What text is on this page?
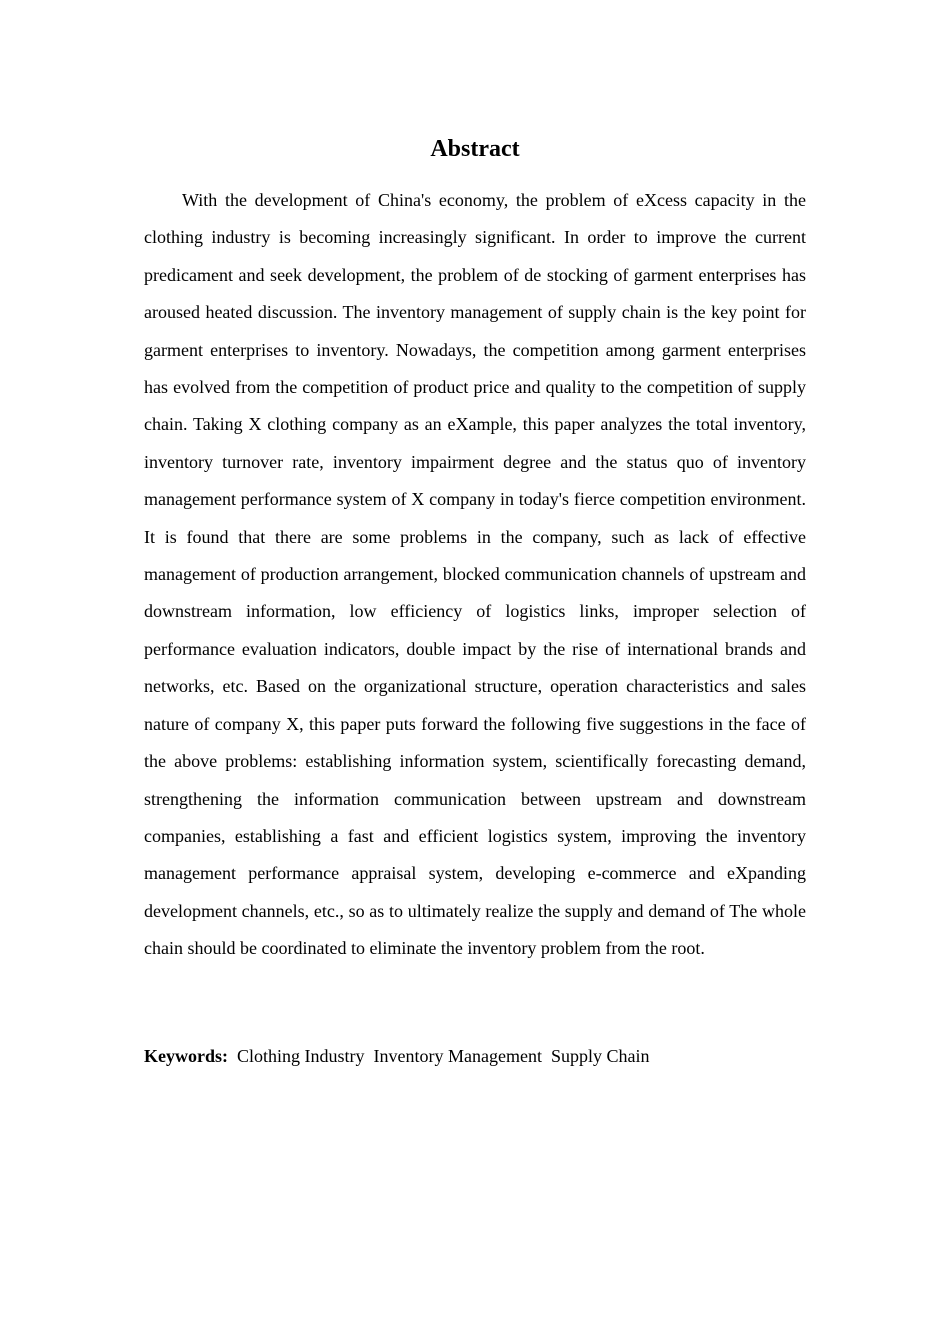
Abstract

With the development of China's economy, the problem of eXcess capacity in the clothing industry is becoming increasingly significant. In order to improve the current predicament and seek development, the problem of de stocking of garment enterprises has aroused heated discussion. The inventory management of supply chain is the key point for garment enterprises to inventory. Nowadays, the competition among garment enterprises has evolved from the competition of product price and quality to the competition of supply chain. Taking X clothing company as an eXample, this paper analyzes the total inventory, inventory turnover rate, inventory impairment degree and the status quo of inventory management performance system of X company in today's fierce competition environment. It is found that there are some problems in the company, such as lack of effective management of production arrangement, blocked communication channels of upstream and downstream information, low efficiency of logistics links, improper selection of performance evaluation indicators, double impact by the rise of international brands and networks, etc. Based on the organizational structure, operation characteristics and sales nature of company X, this paper puts forward the following five suggestions in the face of the above problems: establishing information system, scientifically forecasting demand, strengthening the information communication between upstream and downstream companies, establishing a fast and efficient logistics system, improving the inventory management performance appraisal system, developing e-commerce and eXpanding development channels, etc., so as to ultimately realize the supply and demand of The whole chain should be coordinated to eliminate the inventory problem from the root.

Keywords:  Clothing Industry  Inventory Management  Supply Chain
